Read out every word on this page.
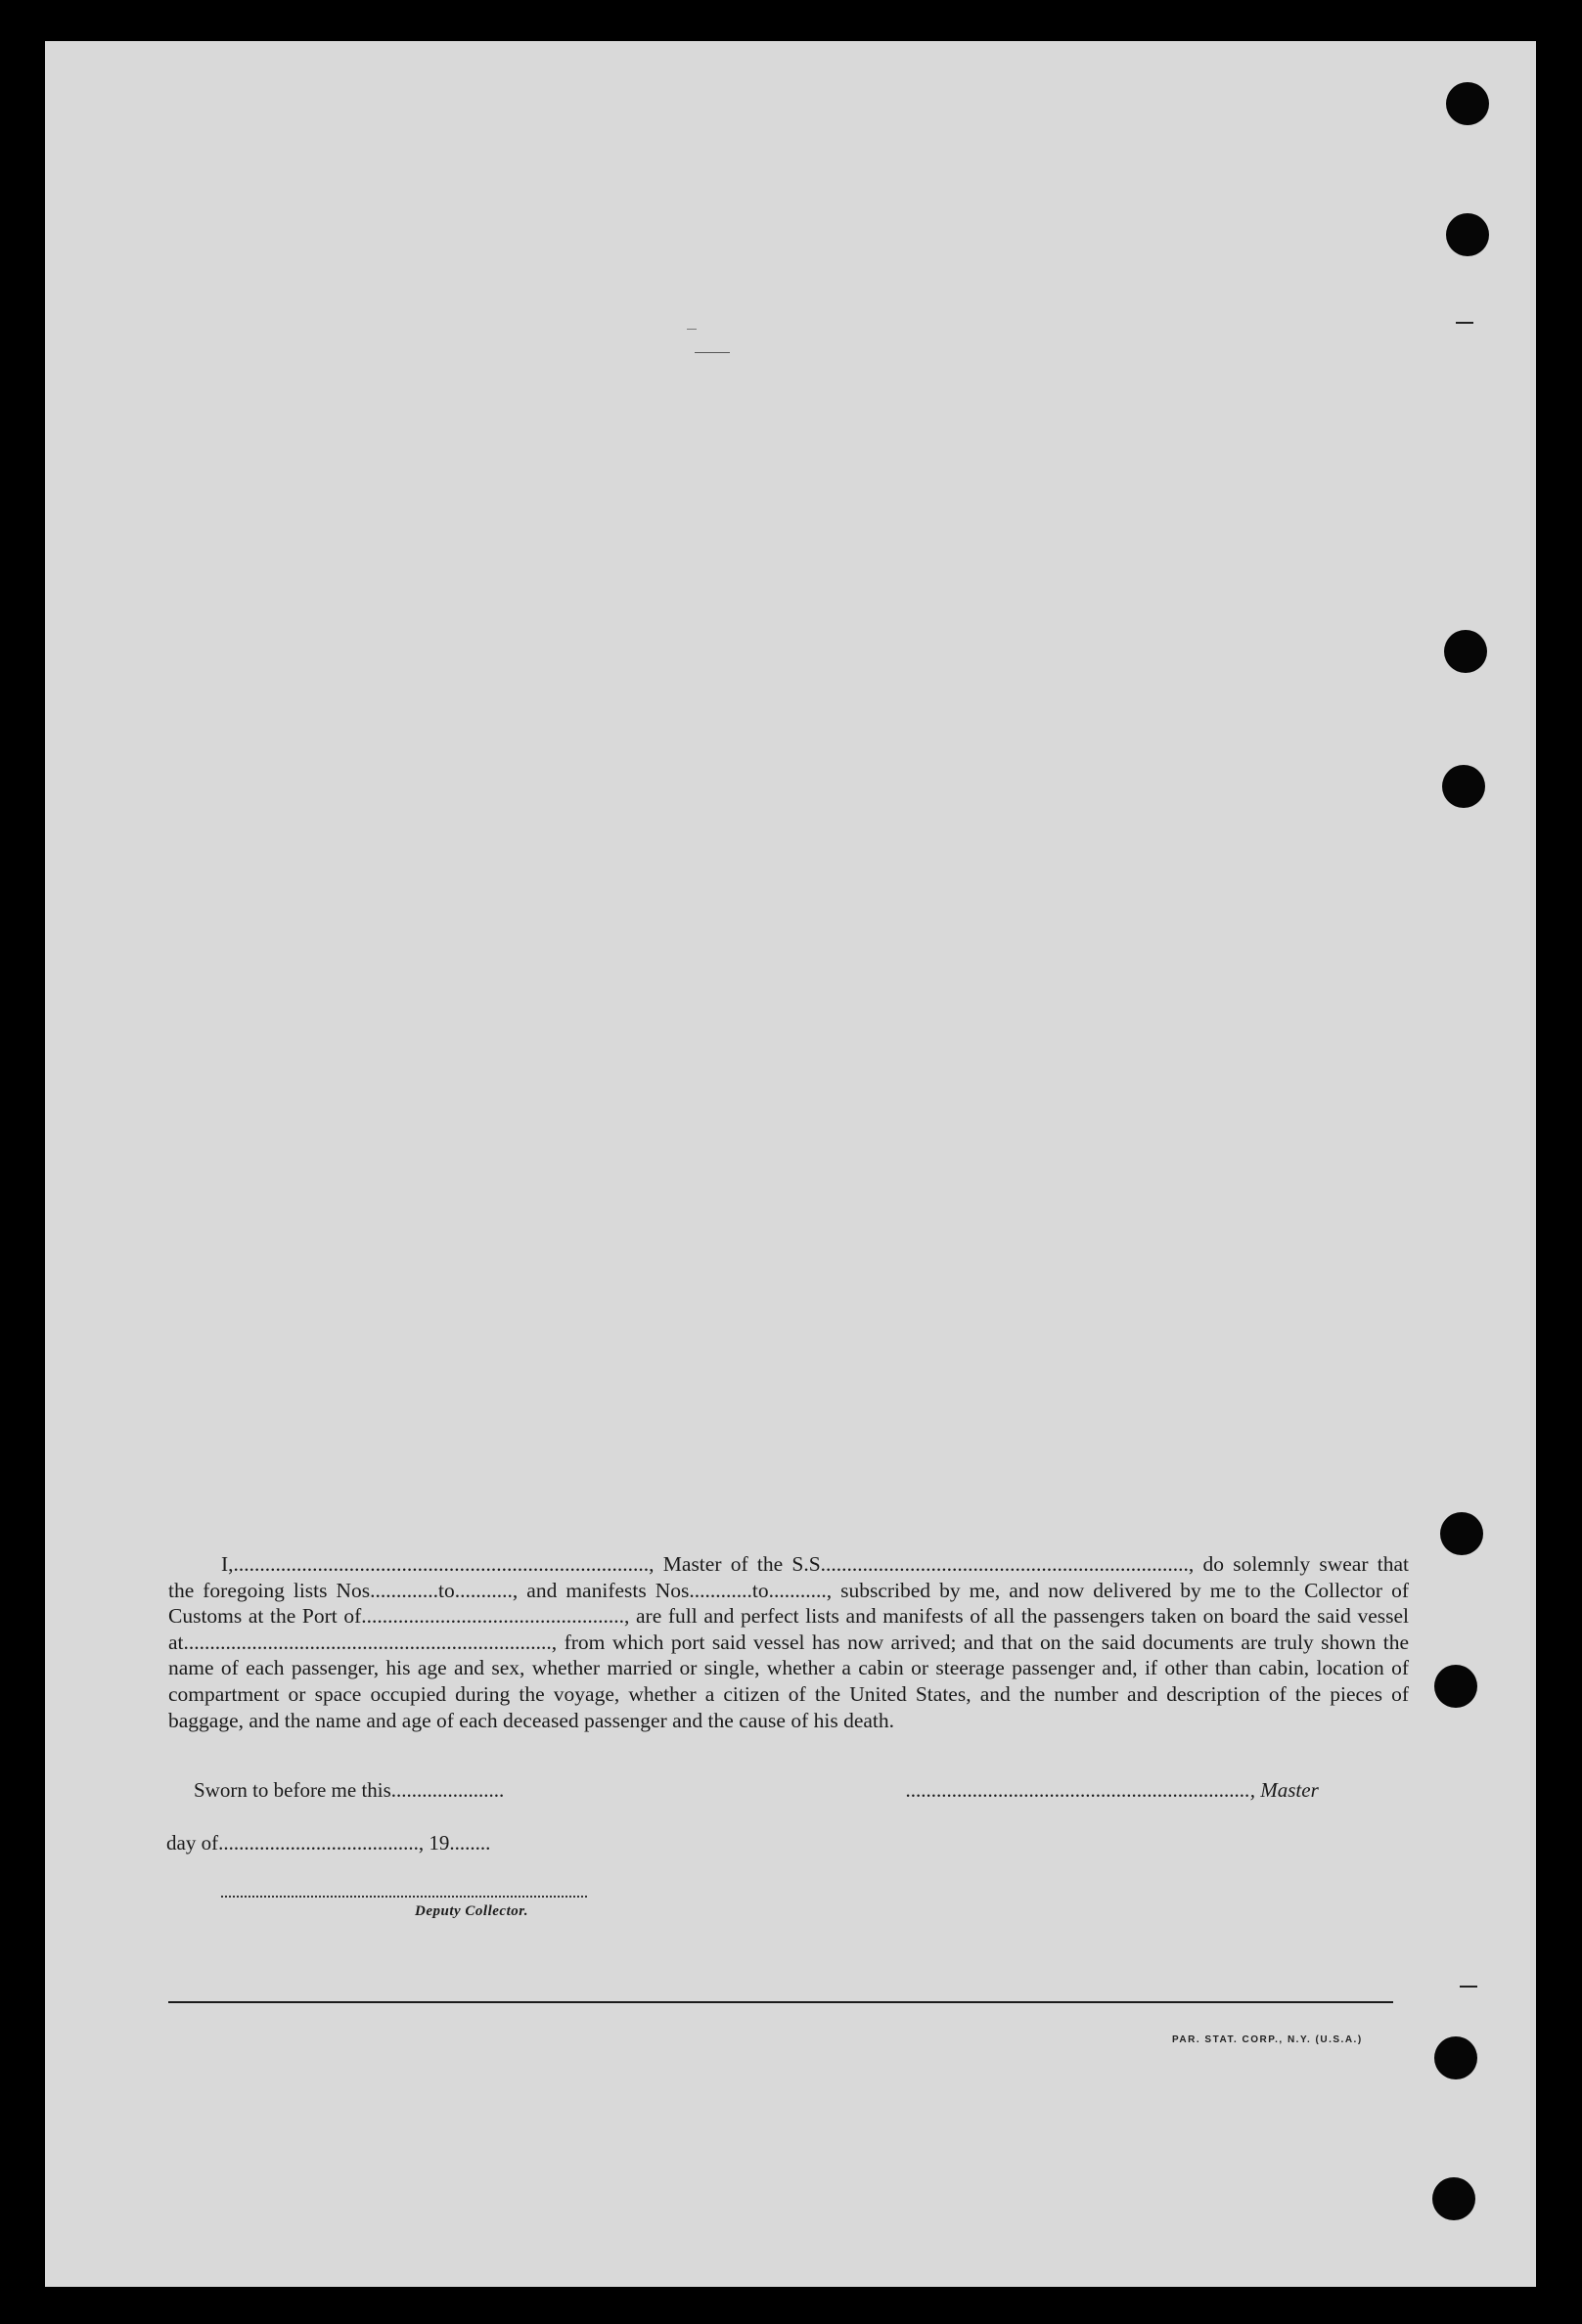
I,..............................................................................., Master of the S.S......................................................................, do solemnly swear that the foregoing lists Nos.............to..........., and manifests Nos............to..........., subscribed by me, and now delivered by me to the Collector of Customs at the Port of.................................................., are full and perfect lists and manifests of all the passengers taken on board the said vessel at......................................................................, from which port said vessel has now arrived; and that on the said documents are truly shown the name of each passenger, his age and sex, whether married or single, whether a cabin or steerage passenger and, if other than cabin, location of compartment or space occupied during the voyage, whether a citizen of the United States, and the number and description of the pieces of baggage, and the name and age of each deceased passenger and the cause of his death.
Sworn to before me this......................
day of......................................., 19........
..................................................................., Master
Deputy Collector.
PAR. STAT. CORP., N.Y. (U.S.A.)
